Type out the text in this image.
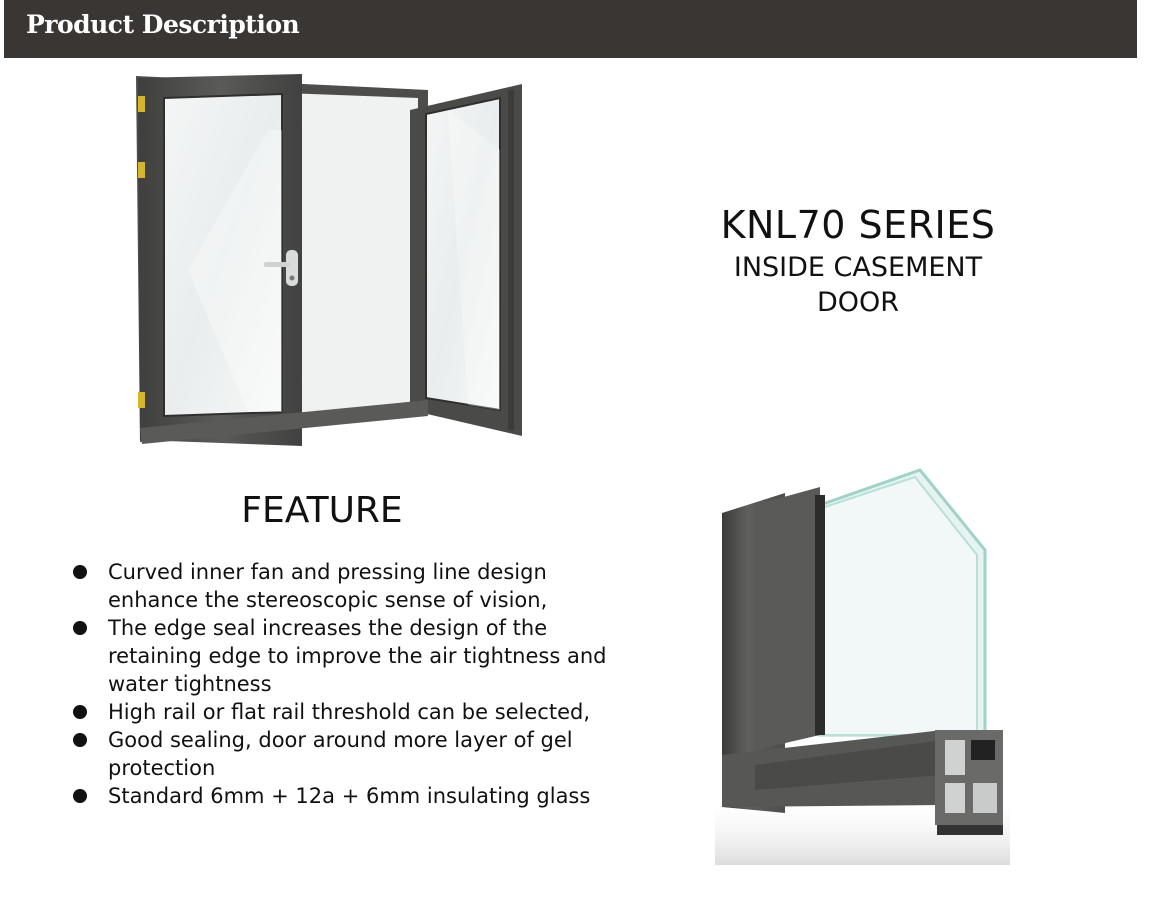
Product Description
KNL70 SERIES
INSIDE CASEMENT
DOOR
FEATURE
Curved inner fan and pressing line design
enhance the stereoscopic sense of vision,
The edge seal increases the design of the
retaining edge to improve the air tightness and
water tightness
High rail or flat rail threshold can be selected,
Good sealing, door around more layer of gel
protection
Standard 6mm + 12a + 6mm insulating glass
